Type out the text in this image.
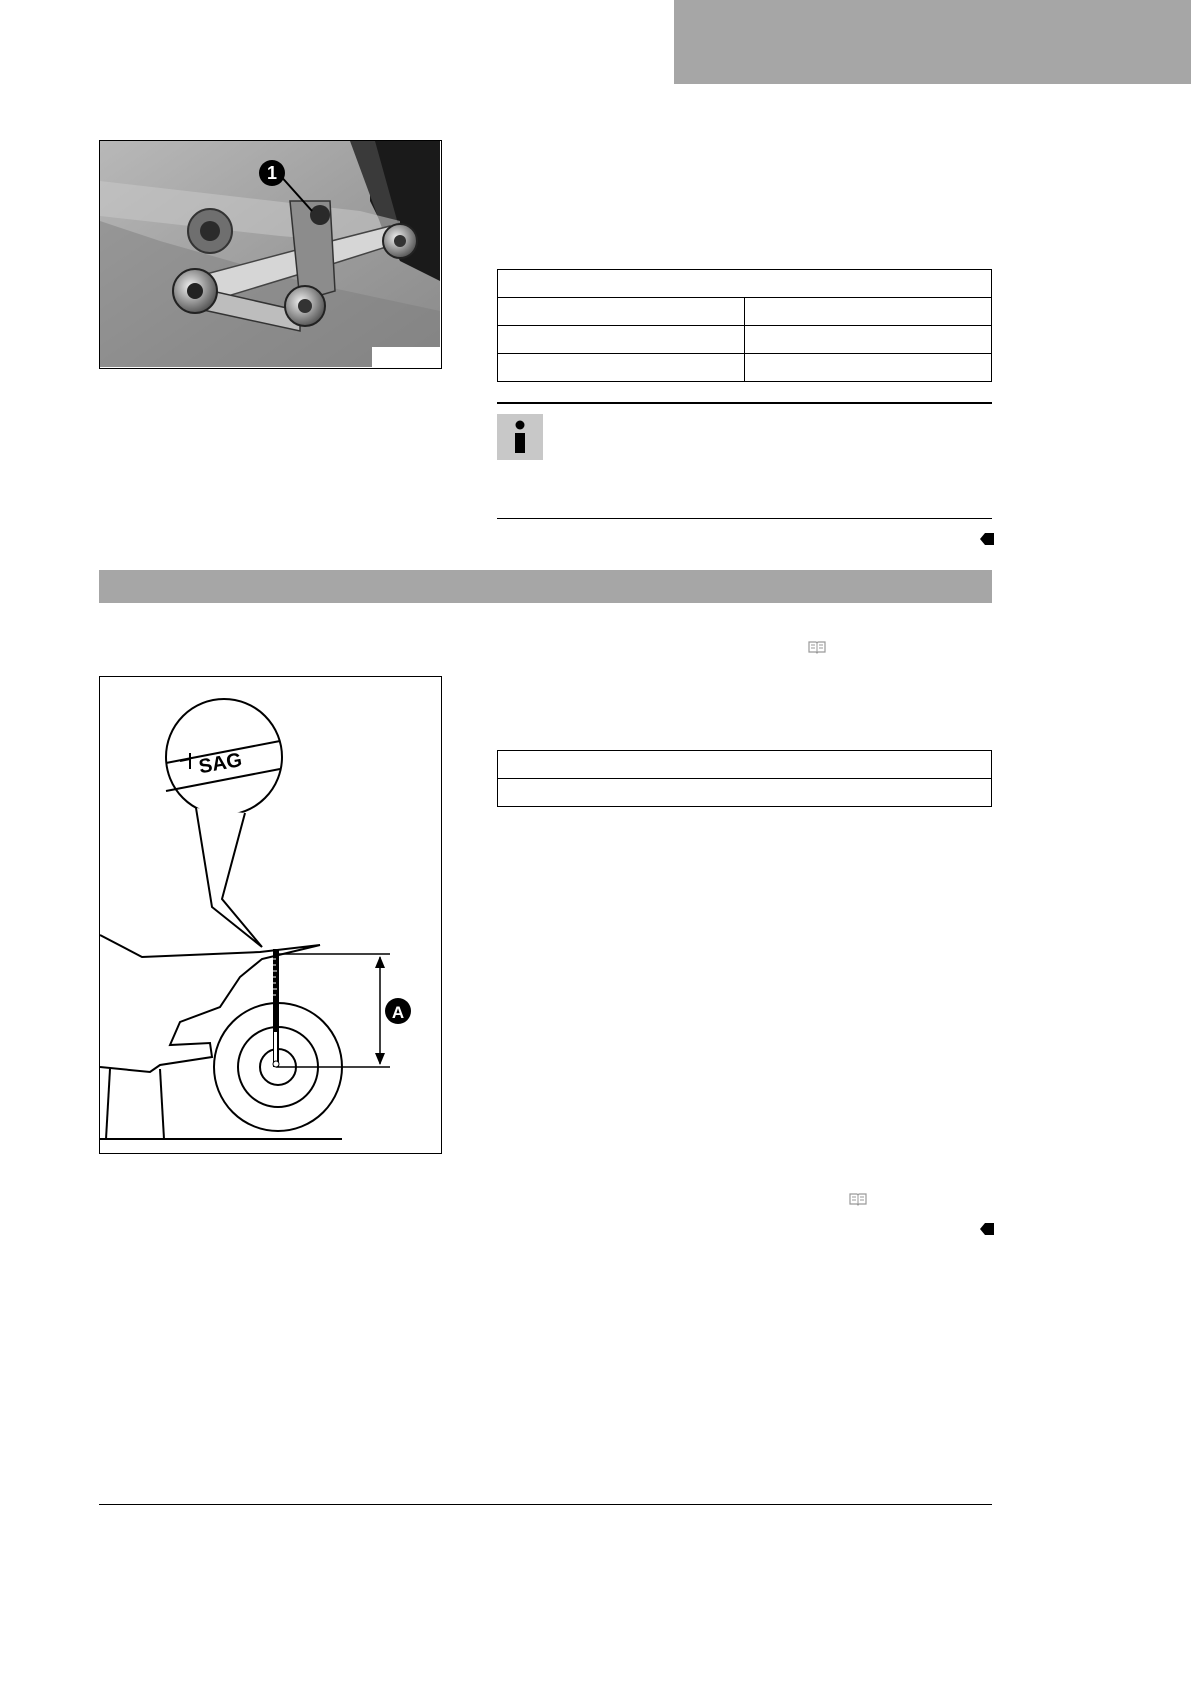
1

SAG
A
